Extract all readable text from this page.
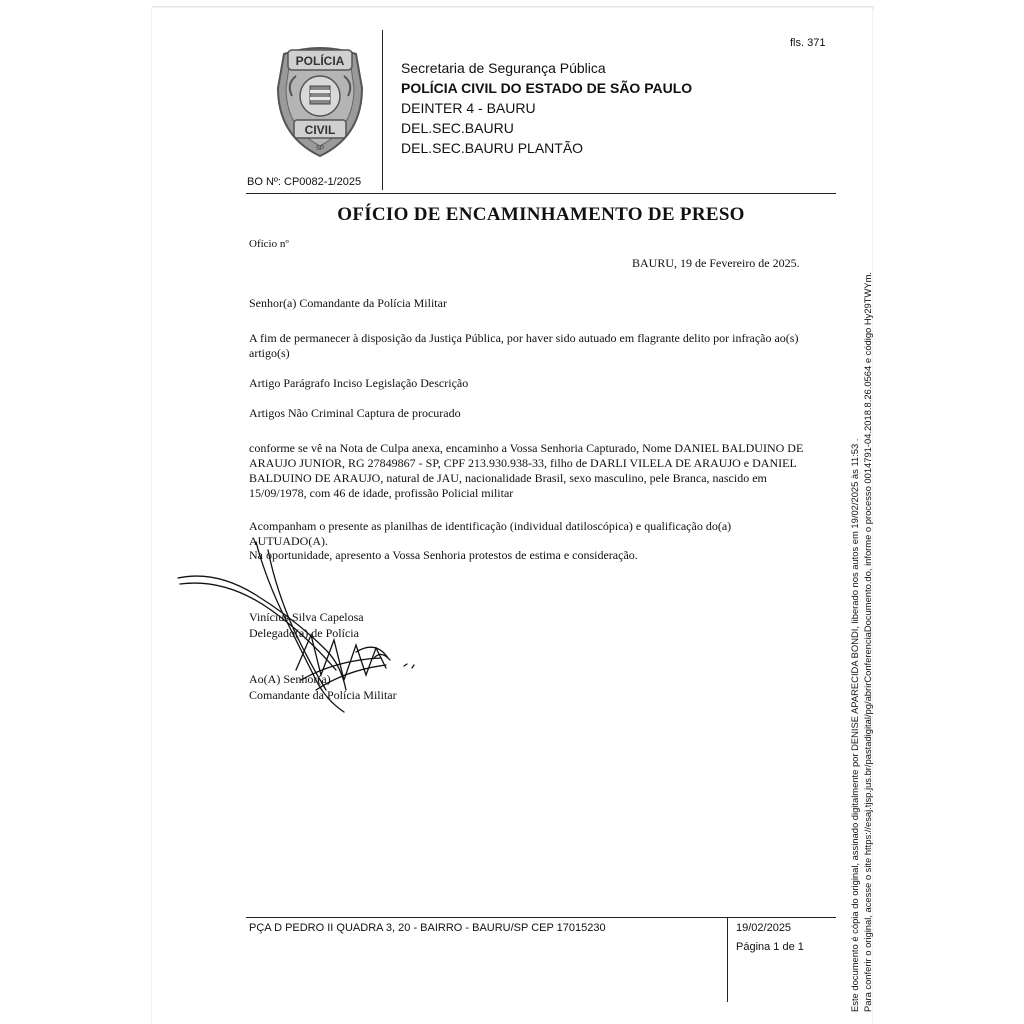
fls. 371
POLÍCIA
CIVIL
SP
Secretaria de Segurança Pública
POLÍCIA CIVIL DO ESTADO DE SÃO PAULO
DEINTER 4 - BAURU
DEL.SEC.BAURU
DEL.SEC.BAURU PLANTÃO
BO Nº: CP0082-1/2025
OFÍCIO DE ENCAMINHAMENTO DE PRESO
Ofício nº
BAURU, 19 de Fevereiro de 2025.
Senhor(a) Comandante da Polícia Militar
A fim de permanecer à disposição da Justiça Pública, por haver sido autuado em flagrante delito por infração ao(s) artigo(s)
Artigo Parágrafo Inciso Legislação Descrição
Artigos Não Criminal Captura de procurado
conforme se vê na Nota de Culpa anexa, encaminho a Vossa Senhoria Capturado, Nome DANIEL BALDUINO DE ARAUJO JUNIOR, RG 27849867 - SP, CPF 213.930.938-33, filho de DARLI VILELA DE ARAUJO e DANIEL BALDUINO DE ARAUJO, natural de JAU, nacionalidade Brasil, sexo masculino, pele Branca, nascido em 15/09/1978, com 46 de idade, profissão Policial militar
Acompanham o presente as planilhas de identificação (individual datiloscópica) e qualificação do(a) AUTUADO(A).
Na oportunidade, apresento a Vossa Senhoria protestos de estima e consideração.
Vinícius Silva Capelosa
Delegado(a) de Polícia
Ao(A) Senhor(a)
Comandante da Polícia Militar
PÇA D PEDRO II QUADRA 3, 20 - BAIRRO - BAURU/SP CEP 17015230	19/02/2025
Página 1 de 1	Este documento é cópia do original, assinado digitalmente por DENISE APARECIDA BONDI, liberado nos autos em 19/02/2025 às 11:53 . Para conferir o original, acesse o site https://esaj.tjsp.jus.br/pastadigital/pg/abrirConferenciaDocumento.do, informe o processo 0014791-04.2018.8.26.0564 e código Hy29TWYm.
